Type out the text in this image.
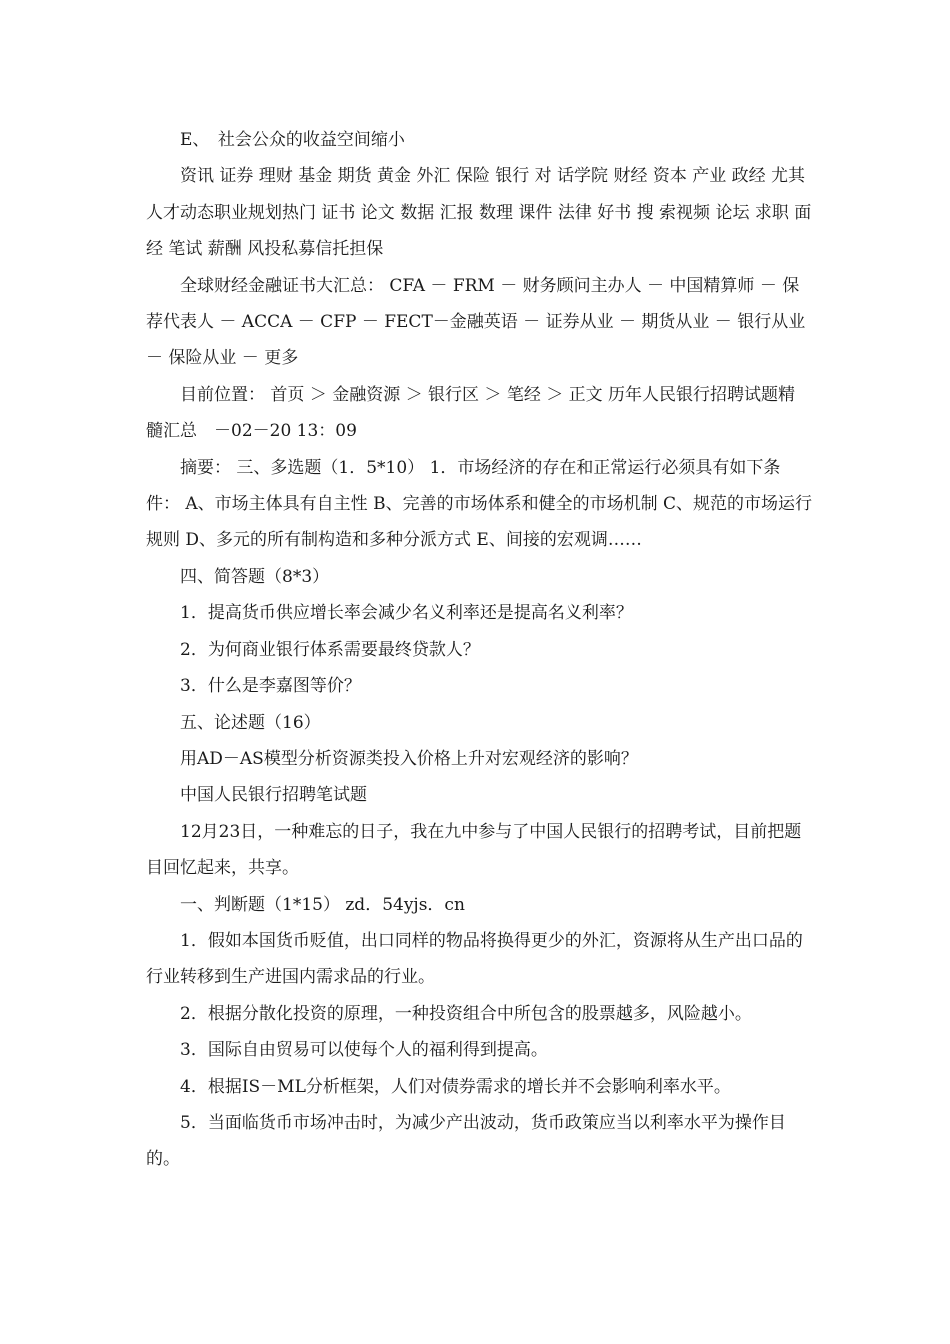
E、　社会公众的收益空间缩小

资讯 证券 理财 基金 期货 黄金 外汇 保险 银行 对 话学院 财经 资本 产业 政经 尤其 人才动态职业规划热门 证书 论文 数据 汇报 数理 课件 法律 好书 搜 索视频 论坛 求职 面经 笔试 薪酬 风投私募信托担保

全球财经金融证书大汇总： CFA － FRM － 财务顾问主办人 － 中国精算师 － 保荐代表人 － ACCA － CFP － FECT－金融英语 － 证券从业 － 期货从业 － 银行从业 － 保险从业 － 更多

目前位置： 首页 ＞ 金融资源 ＞ 银行区 ＞ 笔经 ＞ 正文 历年人民银行招聘试题精髓汇总　－02－20 13：09

摘要： 三、多选题（1．5*10） 1．市场经济的存在和正常运行必须具有如下条件： A、市场主体具有自主性 B、完善的市场体系和健全的市场机制 C、规范的市场运行规则 D、多元的所有制构造和多种分派方式 E、间接的宏观调……

四、简答题（8*3）

1．提高货币供应增长率会减少名义利率还是提高名义利率？

2．为何商业银行体系需要最终贷款人？

3．什么是李嘉图等价？

五、论述题（16）

用AD－AS模型分析资源类投入价格上升对宏观经济的影响？

中国人民银行招聘笔试题

12月23日，一种难忘的日子，我在九中参与了中国人民银行的招聘考试，目前把题目回忆起来，共享。

一、判断题（1*15） zd．54yjs．cn

1．假如本国货币贬值，出口同样的物品将换得更少的外汇，资源将从生产出口品的行业转移到生产进国内需求品的行业。

2．根据分散化投资的原理，一种投资组合中所包含的股票越多，风险越小。

3．国际自由贸易可以使每个人的福利得到提高。

4．根据IS－ML分析框架，人们对债券需求的增长并不会影响利率水平。

5．当面临货币市场冲击时，为减少产出波动，货币政策应当以利率水平为操作目的。
